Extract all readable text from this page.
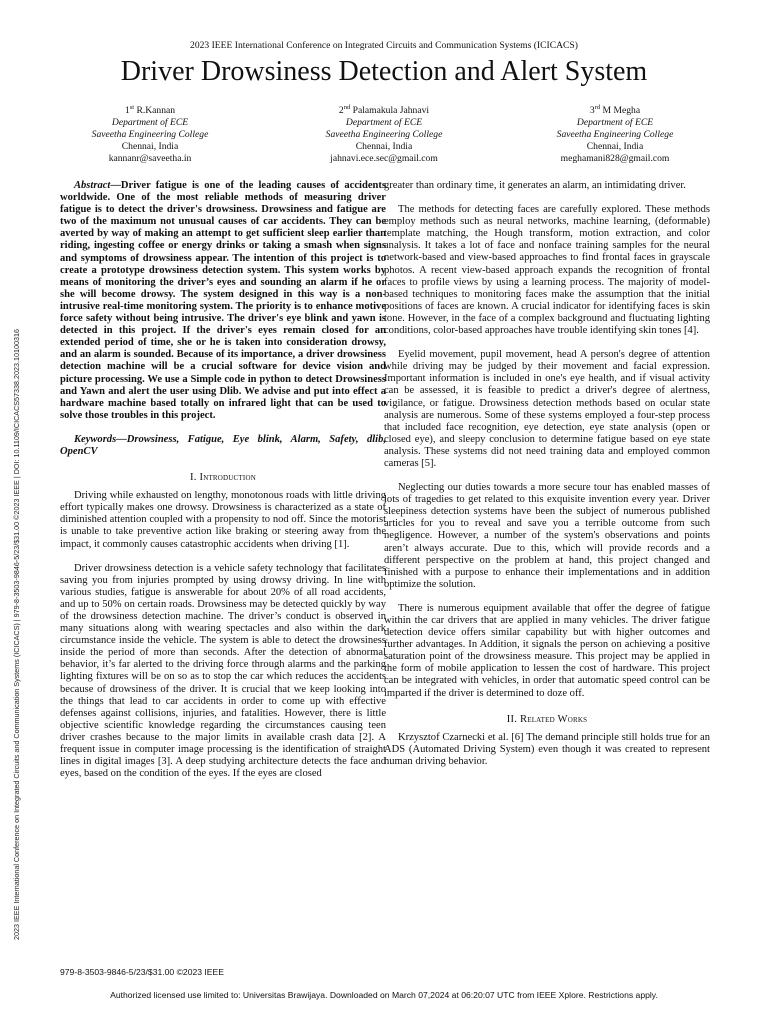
2023 IEEE International Conference on Integrated Circuits and Communication Systems (ICICACS) | 979-8-3503-9846-5/23/$31.00 ©2023 IEEE | DOI: 10.1109/ICICACS57338.2023.10100316
2023 IEEE International Conference on Integrated Circuits and Communication Systems (ICICACS)
Driver Drowsiness Detection and Alert System
1st R.Kannan
Department of ECE
Saveetha Engineering College
Chennai, India
kannanr@saveetha.in
2nd Palamakula Jahnavi
Department of ECE
Saveetha Engineering College
Chennai, India
jahnavi.ece.sec@gmail.com
3rd M Megha
Department of ECE
Saveetha Engineering College
Chennai, India
meghamani828@gmail.com

Abstract—Driver fatigue is one of the leading causes of accidents worldwide. One of the most reliable methods of measuring driver fatigue is to detect the driver's drowsiness. Drowsiness and fatigue are two of the maximum not unusual causes of car accidents. They can be averted by way of making an attempt to get sufficient sleep earlier than riding, ingesting coffee or energy drinks or taking a smash when signs and symptoms of drowsiness appear. The intention of this project is to create a prototype drowsiness detection system. This system works by means of monitoring the driver’s eyes and sounding an alarm if he or she will become drowsy. The system designed in this way is a non-intrusive real-time monitoring system. The priority is to enhance motive force safety without being intrusive. The driver's eye blink and yawn is detected in this project. If the driver's eyes remain closed for an extended period of time, she or he is taken into consideration drowsy, and an alarm is sounded. Because of its importance, a driver drowsiness detection machine will be a crucial software for device vision and picture processing. We use a Simple code in python to detect Drowsiness and Yawn and alert the user using Dlib. We advise and put into effect a hardware machine based totally on infrared light that can be used to solve those troubles in this project.

Keywords—Drowsiness, Fatigue, Eye blink, Alarm, Safety, dlib, OpenCV

I. Introduction

Driving while exhausted on lengthy, monotonous roads with little driving effort typically makes one drowsy. Drowsiness is characterized as a state of diminished attention coupled with a propensity to nod off. Since the motorist is unable to take preventive action like braking or steering away from the impact, it commonly causes catastrophic accidents when driving [1].

Driver drowsiness detection is a vehicle safety technology that facilitates saving you from injuries prompted by using drowsy driving. In line with various studies, fatigue is answerable for about 20% of all road accidents, and up to 50% on certain roads. Drowsiness may be detected quickly by way of the drowsiness detection machine. The driver’s conduct is observed in many situations along with wearing spectacles and also within the dark circumstance inside the vehicle. The system is able to detect the drowsiness inside the period of more than seconds. After the detection of abnormal behavior, it’s far alerted to the driving force through alarms and the parking lighting fixtures will be on so as to stop the car which reduces the accidents because of drowsiness of the driver. It is crucial that we keep looking into the things that lead to car accidents in order to come up with effective defenses against collisions, injuries, and fatalities. However, there is little objective scientific knowledge regarding the circumstances causing teen driver crashes because to the major limits in available crash data [2]. A frequent issue in computer image processing is the identification of straight lines in digital images [3]. A deep studying architecture detects the face and eyes, based on the condition of the eyes. If the eyes are closed

greater than ordinary time, it generates an alarm, an intimidating driver.

The methods for detecting faces are carefully explored. These methods employ methods such as neural networks, machine learning, (deformable) template matching, the Hough transform, motion extraction, and color analysis. It takes a lot of face and nonface training samples for the neural network-based and view-based approaches to find frontal faces in grayscale photos. A recent view-based approach expands the recognition of frontal faces to profile views by using a learning process. The majority of model-based techniques to monitoring faces make the assumption that the initial positions of faces are known. A crucial indicator for identifying faces is skin tone. However, in the face of a complex background and fluctuating lighting conditions, color-based approaches have trouble identifying skin tones [4].

Eyelid movement, pupil movement, head A person's degree of attention while driving may be judged by their movement and facial expression. Important information is included in one's eye health, and if visual activity can be assessed, it is feasible to predict a driver's degree of alertness, vigilance, or fatigue. Drowsiness detection methods based on ocular state analysis are numerous. Some of these systems employed a four-step process that included face recognition, eye detection, eye state analysis (open or closed eye), and sleepy conclusion to determine fatigue based on eye state analysis. These systems did not need training data and employed common cameras [5].

Neglecting our duties towards a more secure tour has enabled masses of lots of tragedies to get related to this exquisite invention every year. Driver sleepiness detection systems have been the subject of numerous published articles for you to reveal and save you a terrible outcome from such negligence. However, a number of the system's observations and points aren’t always accurate. Due to this, which will provide records and a different perspective on the problem at hand, this project changed and finished with a purpose to enhance their implementations and in addition optimize the solution.

There is numerous equipment available that offer the degree of fatigue within the car drivers that are applied in many vehicles. The driver fatigue detection device offers similar capability but with higher outcomes and further advantages. In Addition, it signals the person on achieving a positive saturation point of the drowsiness measure. This project may be applied in the form of mobile application to lessen the cost of hardware. This project can be integrated with vehicles, in order that automatic speed control can be imparted if the driver is determined to doze off.

II. Related Works

Krzysztof Czarnecki et al. [6] The demand principle still holds true for an ADS (Automated Driving System) even though it was created to represent human driving behavior.

979-8-3503-9846-5/23/$31.00 ©2023 IEEE
Authorized licensed use limited to: Universitas Brawijaya. Downloaded on March 07,2024 at 06:20:07 UTC from IEEE Xplore. Restrictions apply.
